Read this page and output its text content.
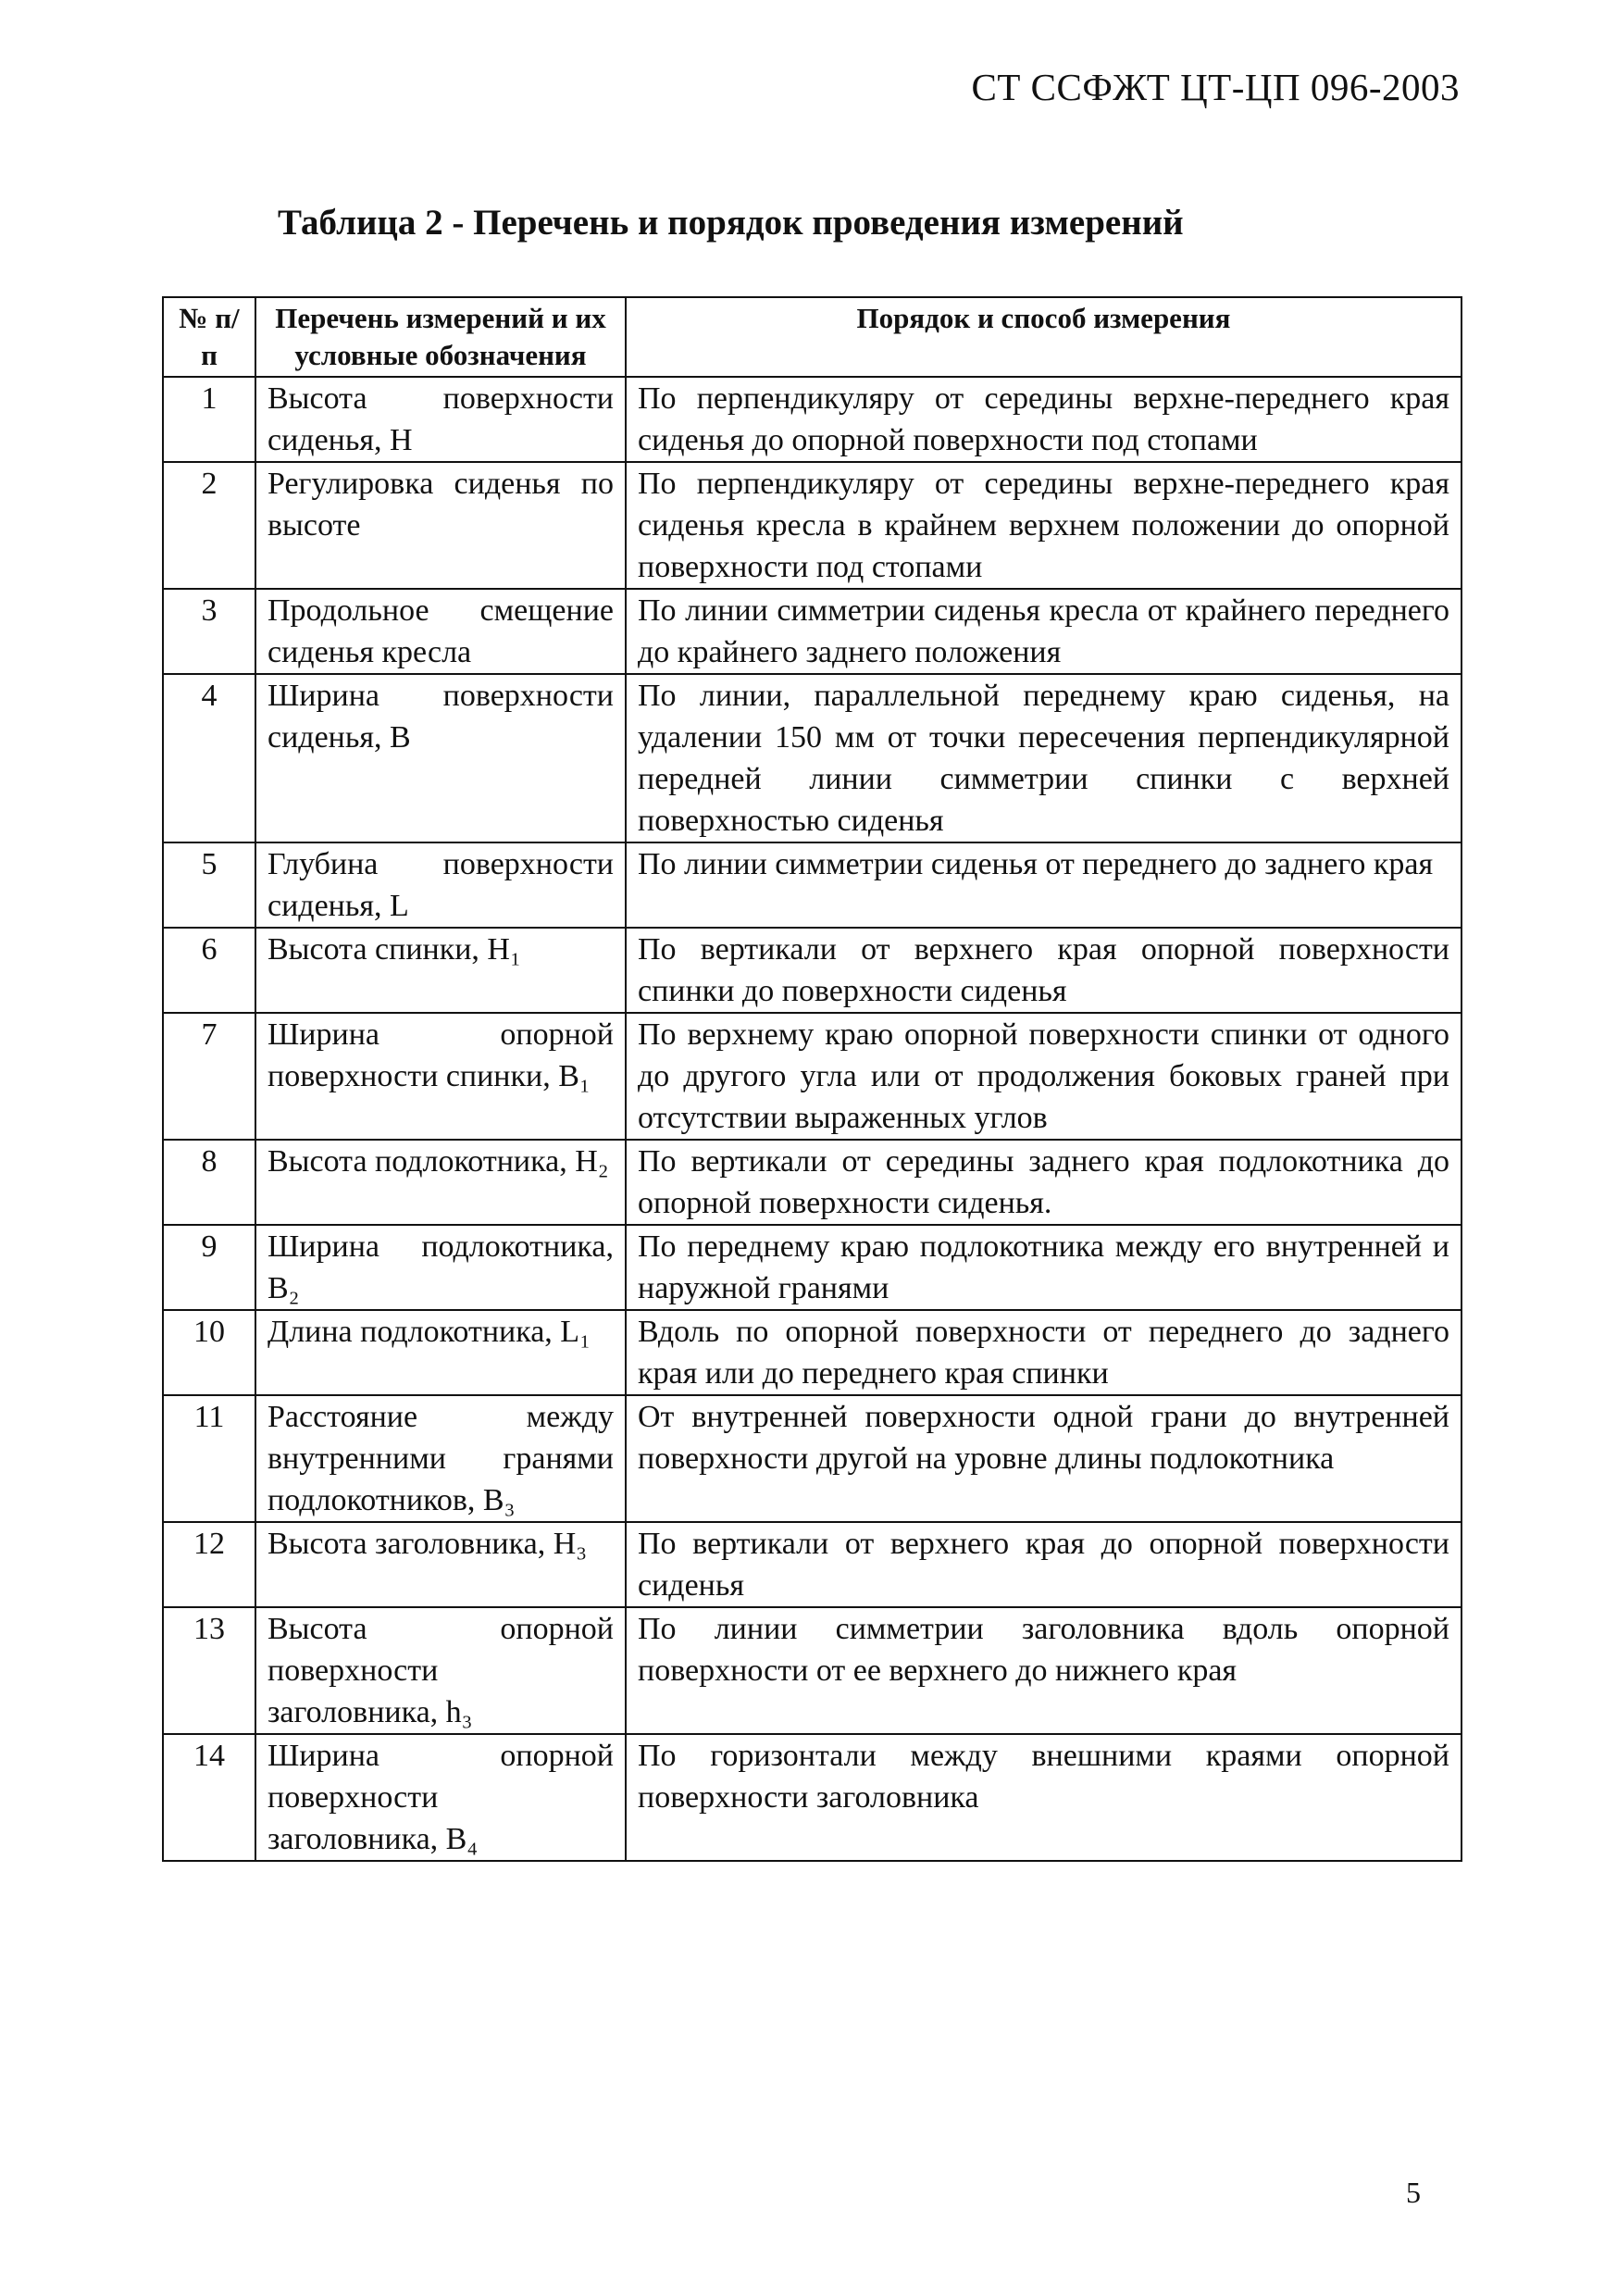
СТ ССФЖТ ЦТ-ЦП 096-2003
Таблица 2 - Перечень и порядок проведения измерений
№ п/п	Перечень измерений и их условные обозначения	Порядок и способ измерения
1	Высота поверхности сиденья, H	По перпендикуляру от середины верхне-переднего края сиденья до опорной поверхности под стопами
2	Регулировка сиденья по высоте	По перпендикуляру от середины верхне-переднего края сиденья кресла в крайнем верхнем положении до опорной поверхности под стопами
3	Продольное смещение сиденья кресла	По линии симметрии сиденья кресла от крайнего переднего до крайнего заднего положения
4	Ширина поверхности сиденья, B	По линии, параллельной переднему краю сиденья, на удалении 150 мм от точки пересечения перпендикулярной передней линии симметрии спинки с верхней поверхностью сиденья
5	Глубина поверхности сиденья, L	По линии симметрии сиденья от переднего до заднего края
6	Высота спинки, H₁	По вертикали от верхнего края опорной поверхности спинки до поверхности сиденья
7	Ширина опорной поверхности спинки, B₁	По верхнему краю опорной поверхности спинки от одного до другого угла или от продолжения боковых граней при отсутствии выраженных углов
8	Высота подлокотника, H₂	По вертикали от середины заднего края подлокотника до опорной поверхности сиденья.
9	Ширина подлокотника, B₂	По переднему краю подлокотника между его внутренней и наружной гранями
10	Длина подлокотника, L₁	Вдоль по опорной поверхности от переднего до заднего края или до переднего края спинки
11	Расстояние между внутренними гранями подлокотников, B₃	От внутренней поверхности одной грани до внутренней поверхности другой на уровне длины подлокотника
12	Высота заголовника, H₃	По вертикали от верхнего края до опорной поверхности сиденья
13	Высота опорной поверхности заголовника, h₃	По линии симметрии заголовника вдоль опорной поверхности от ее верхнего до нижнего края
14	Ширина опорной поверхности заголовника, B₄	По горизонтали между внешними краями опорной поверхности заголовника
5
